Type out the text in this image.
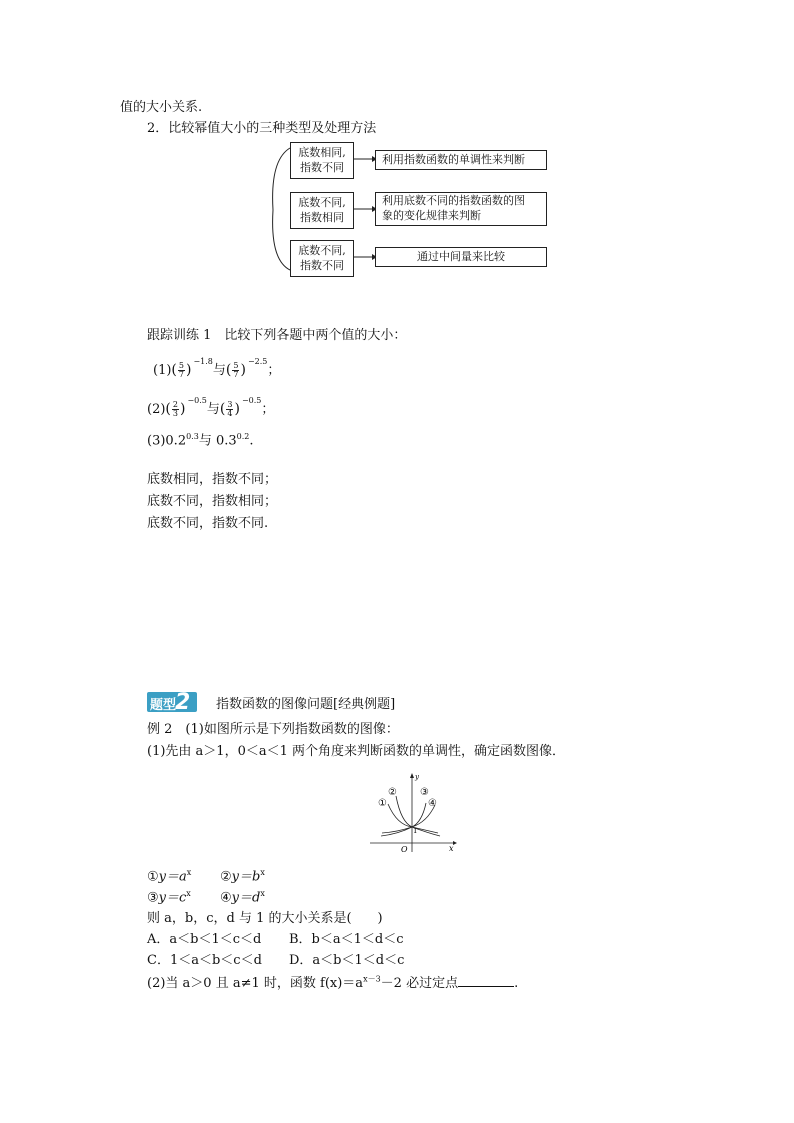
值的大小关系.
2．比较幂值大小的三种类型及处理方法
底数相同,
指数不同
利用指数函数的单调性来判断
底数不同,
指数相同
利用底数不同的指数函数的图
象的变化规律来判断
底数不同,
指数不同
通过中间量来比较
跟踪训练 1　比较下列各题中两个值的大小：
$(1)( \frac{5}{7} )^{-1.8}$与( $\frac{5}{7} )^{-2.5}$；
$(2)( \frac{2}{3} )^{-0.5}$与( $\frac{3}{4} )^{-0.5}$；
$(3)0.2^{0.3}$与 $0.3^{0.2}$.
底数相同，指数不同；
底数不同，指数相同；
底数不同，指数不同.
题型
2 指数函数的图像问题[经典例题]
例 2　(1)如图所示是下列指数函数的图像：
(1)先由 a＞1，0＜a＜1 两个角度来判断函数的单调性，确定函数图像．
y
x
O
1
①
② ③
④
$①y=a^x$ $②y=b^x$
$③y=c^x$ $④y=d^x$
则 a，b，c，d 与 1 的大小关系是(　　)
A．a＜b＜1＜c＜d B．b＜a＜1＜d＜c
C．1＜a＜b＜c＜d D．a＜b＜1＜d＜c
(2)当 a＞0 且 a≠1 时，函数 $f(x)=a^{x-3}-2$ 必过定点	.
